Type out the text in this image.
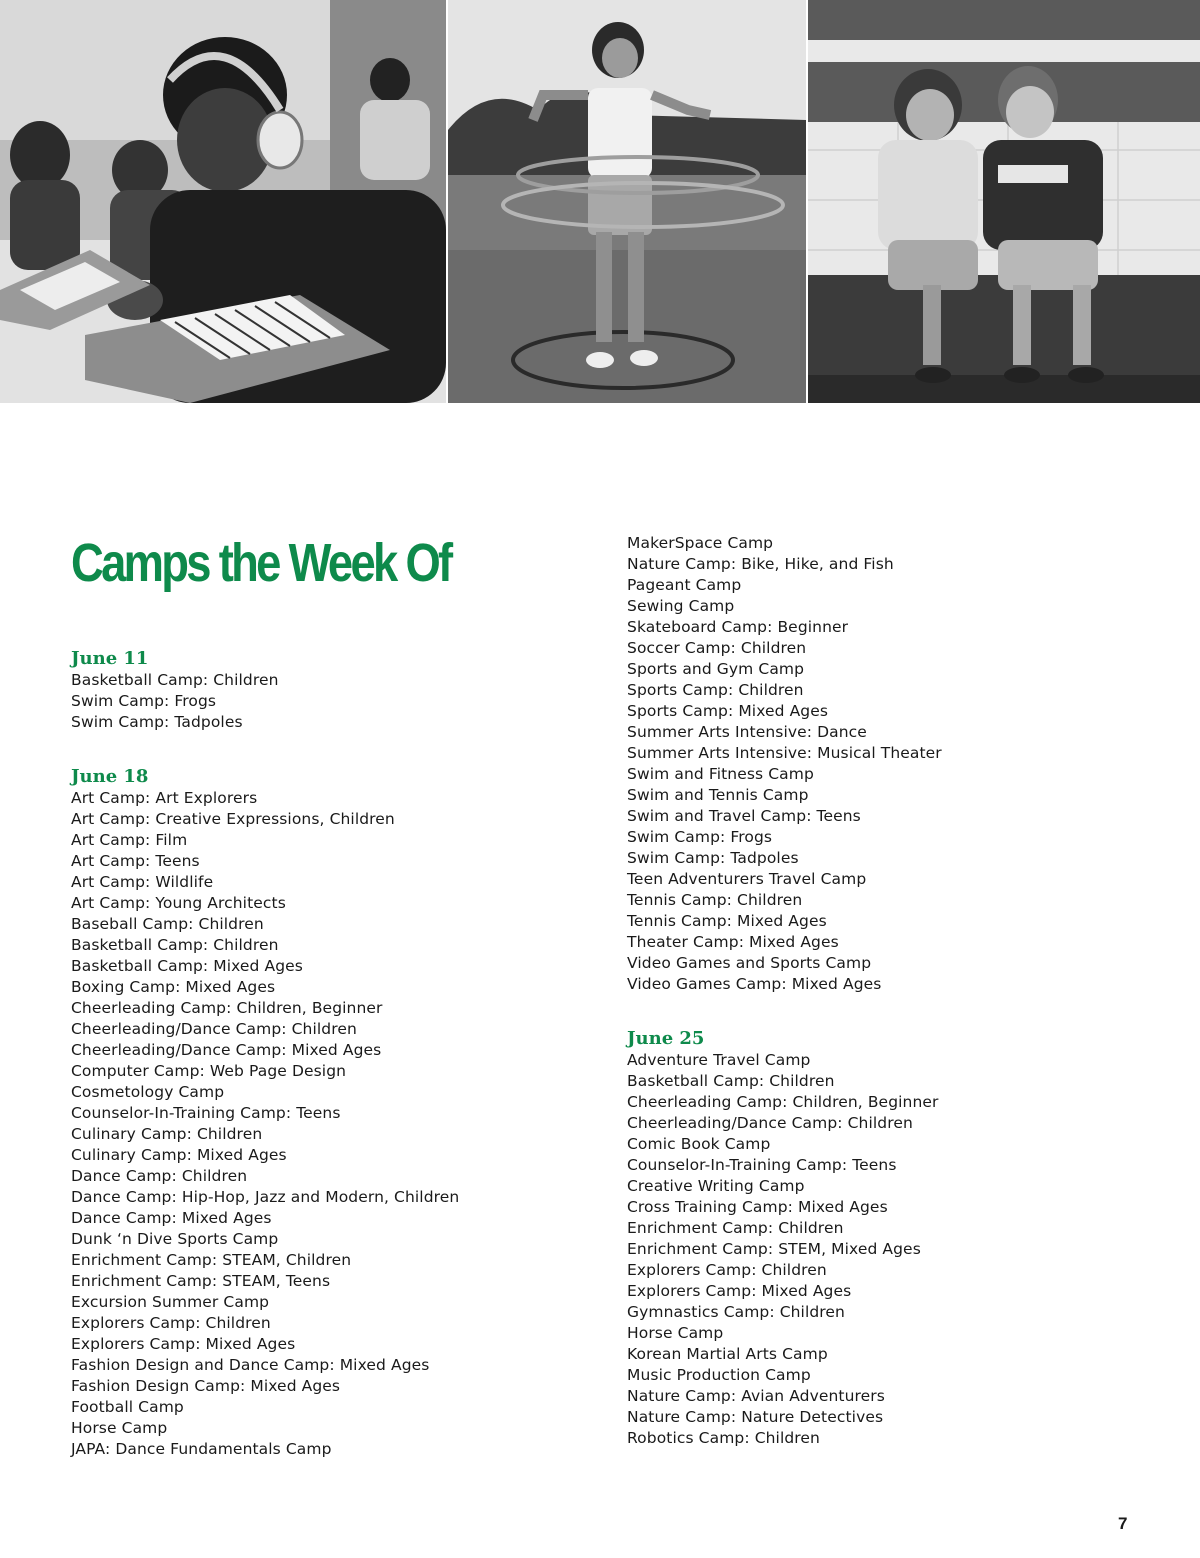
Camps the Week Of
June 11
Basketball Camp: Children
Swim Camp: Frogs
Swim Camp: Tadpoles
June 18
Art Camp: Art Explorers
Art Camp: Creative Expressions, Children
Art Camp: Film
Art Camp: Teens
Art Camp: Wildlife
Art Camp: Young Architects
Baseball Camp: Children
Basketball Camp: Children
Basketball Camp: Mixed Ages
Boxing Camp: Mixed Ages
Cheerleading Camp: Children, Beginner
Cheerleading/Dance Camp: Children
Cheerleading/Dance Camp: Mixed Ages
Computer Camp: Web Page Design
Cosmetology Camp
Counselor-In-Training Camp: Teens
Culinary Camp: Children
Culinary Camp: Mixed Ages
Dance Camp: Children
Dance Camp: Hip-Hop, Jazz and Modern, Children
Dance Camp: Mixed Ages
Dunk ‘n Dive Sports Camp
Enrichment Camp: STEAM, Children
Enrichment Camp: STEAM, Teens
Excursion Summer Camp
Explorers Camp: Children
Explorers Camp: Mixed Ages
Fashion Design and Dance Camp: Mixed Ages
Fashion Design Camp: Mixed Ages
Football Camp
Horse Camp
JAPA: Dance Fundamentals Camp
MakerSpace Camp
Nature Camp: Bike, Hike, and Fish
Pageant Camp
Sewing Camp
Skateboard Camp: Beginner
Soccer Camp: Children
Sports and Gym Camp
Sports Camp: Children
Sports Camp: Mixed Ages
Summer Arts Intensive: Dance
Summer Arts Intensive: Musical Theater
Swim and Fitness Camp
Swim and Tennis Camp
Swim and Travel Camp: Teens
Swim Camp: Frogs
Swim Camp: Tadpoles
Teen Adventurers Travel Camp
Tennis Camp: Children
Tennis Camp: Mixed Ages
Theater Camp: Mixed Ages
Video Games and Sports Camp
Video Games Camp: Mixed Ages
June 25
Adventure Travel Camp
Basketball Camp: Children
Cheerleading Camp: Children, Beginner
Cheerleading/Dance Camp: Children
Comic Book Camp
Counselor-In-Training Camp: Teens
Creative Writing Camp
Cross Training Camp: Mixed Ages
Enrichment Camp: Children
Enrichment Camp: STEM, Mixed Ages
Explorers Camp: Children
Explorers Camp: Mixed Ages
Gymnastics Camp: Children
Horse Camp
Korean Martial Arts Camp
Music Production Camp
Nature Camp: Avian Adventurers
Nature Camp: Nature Detectives
Robotics Camp: Children
7
